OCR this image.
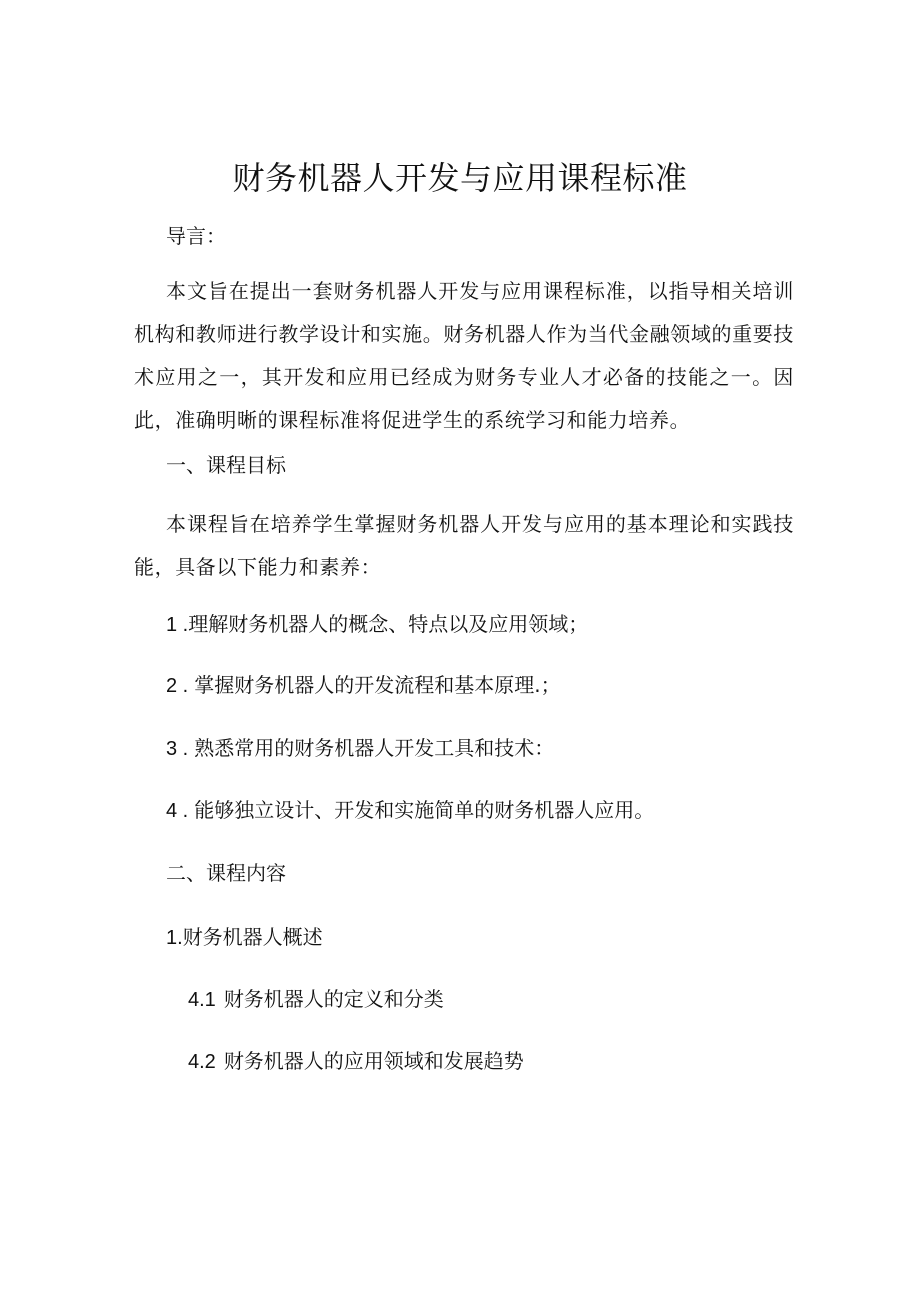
财务机器人开发与应用课程标准

导言：

本文旨在提出一套财务机器人开发与应用课程标准，以指导相关培训机构和教师进行教学设计和实施。财务机器人作为当代金融领域的重要技术应用之一，其开发和应用已经成为财务专业人才必备的技能之一。因此，准确明晰的课程标准将促进学生的系统学习和能力培养。

一、课程目标

本课程旨在培养学生掌握财务机器人开发与应用的基本理论和实践技能，具备以下能力和素养：

1 .理解财务机器人的概念、特点以及应用领域；

2 . 掌握财务机器人的开发流程和基本原理.；

3 . 熟悉常用的财务机器人开发工具和技术：

4 . 能够独立设计、开发和实施简单的财务机器人应用。

二、课程内容

1.财务机器人概述

4.1 财务机器人的定义和分类

4.2 财务机器人的应用领域和发展趋势
